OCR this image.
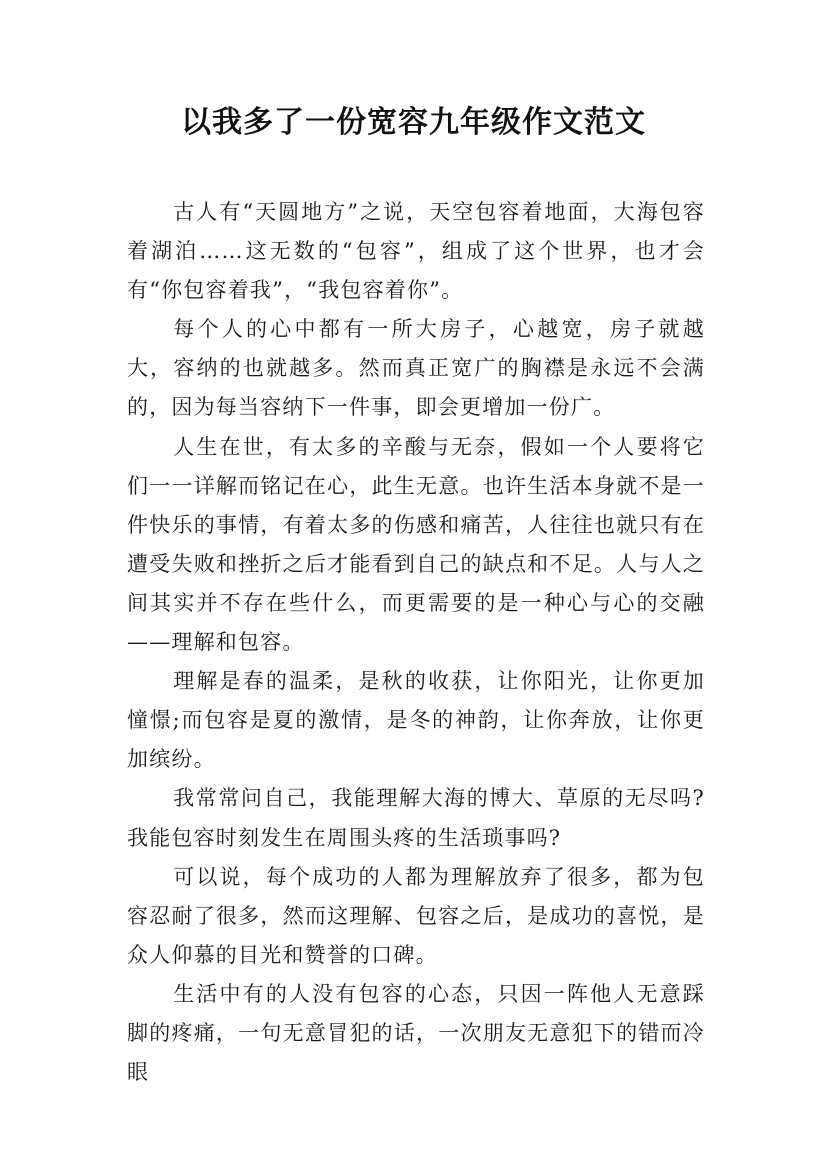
以我多了一份宽容九年级作文范文

古人有“天圆地方”之说，天空包容着地面，大海包容着湖泊……这无数的“包容”，组成了这个世界，也才会有“你包容着我”，“我包容着你”。

每个人的心中都有一所大房子，心越宽，房子就越大，容纳的也就越多。然而真正宽广的胸襟是永远不会满的，因为每当容纳下一件事，即会更增加一份广。

人生在世，有太多的辛酸与无奈，假如一个人要将它们一一详解而铭记在心，此生无意。也许生活本身就不是一件快乐的事情，有着太多的伤感和痛苦，人往往也就只有在遭受失败和挫折之后才能看到自己的缺点和不足。人与人之间其实并不存在些什么，而更需要的是一种心与心的交融——理解和包容。

理解是春的温柔，是秋的收获，让你阳光，让你更加憧憬;而包容是夏的激情，是冬的神韵，让你奔放，让你更加缤纷。

我常常问自己，我能理解大海的博大、草原的无尽吗?我能包容时刻发生在周围头疼的生活琐事吗?

可以说，每个成功的人都为理解放弃了很多，都为包容忍耐了很多，然而这理解、包容之后，是成功的喜悦，是众人仰慕的目光和赞誉的口碑。

生活中有的人没有包容的心态，只因一阵他人无意踩脚的疼痛，一句无意冒犯的话，一次朋友无意犯下的错而冷眼
